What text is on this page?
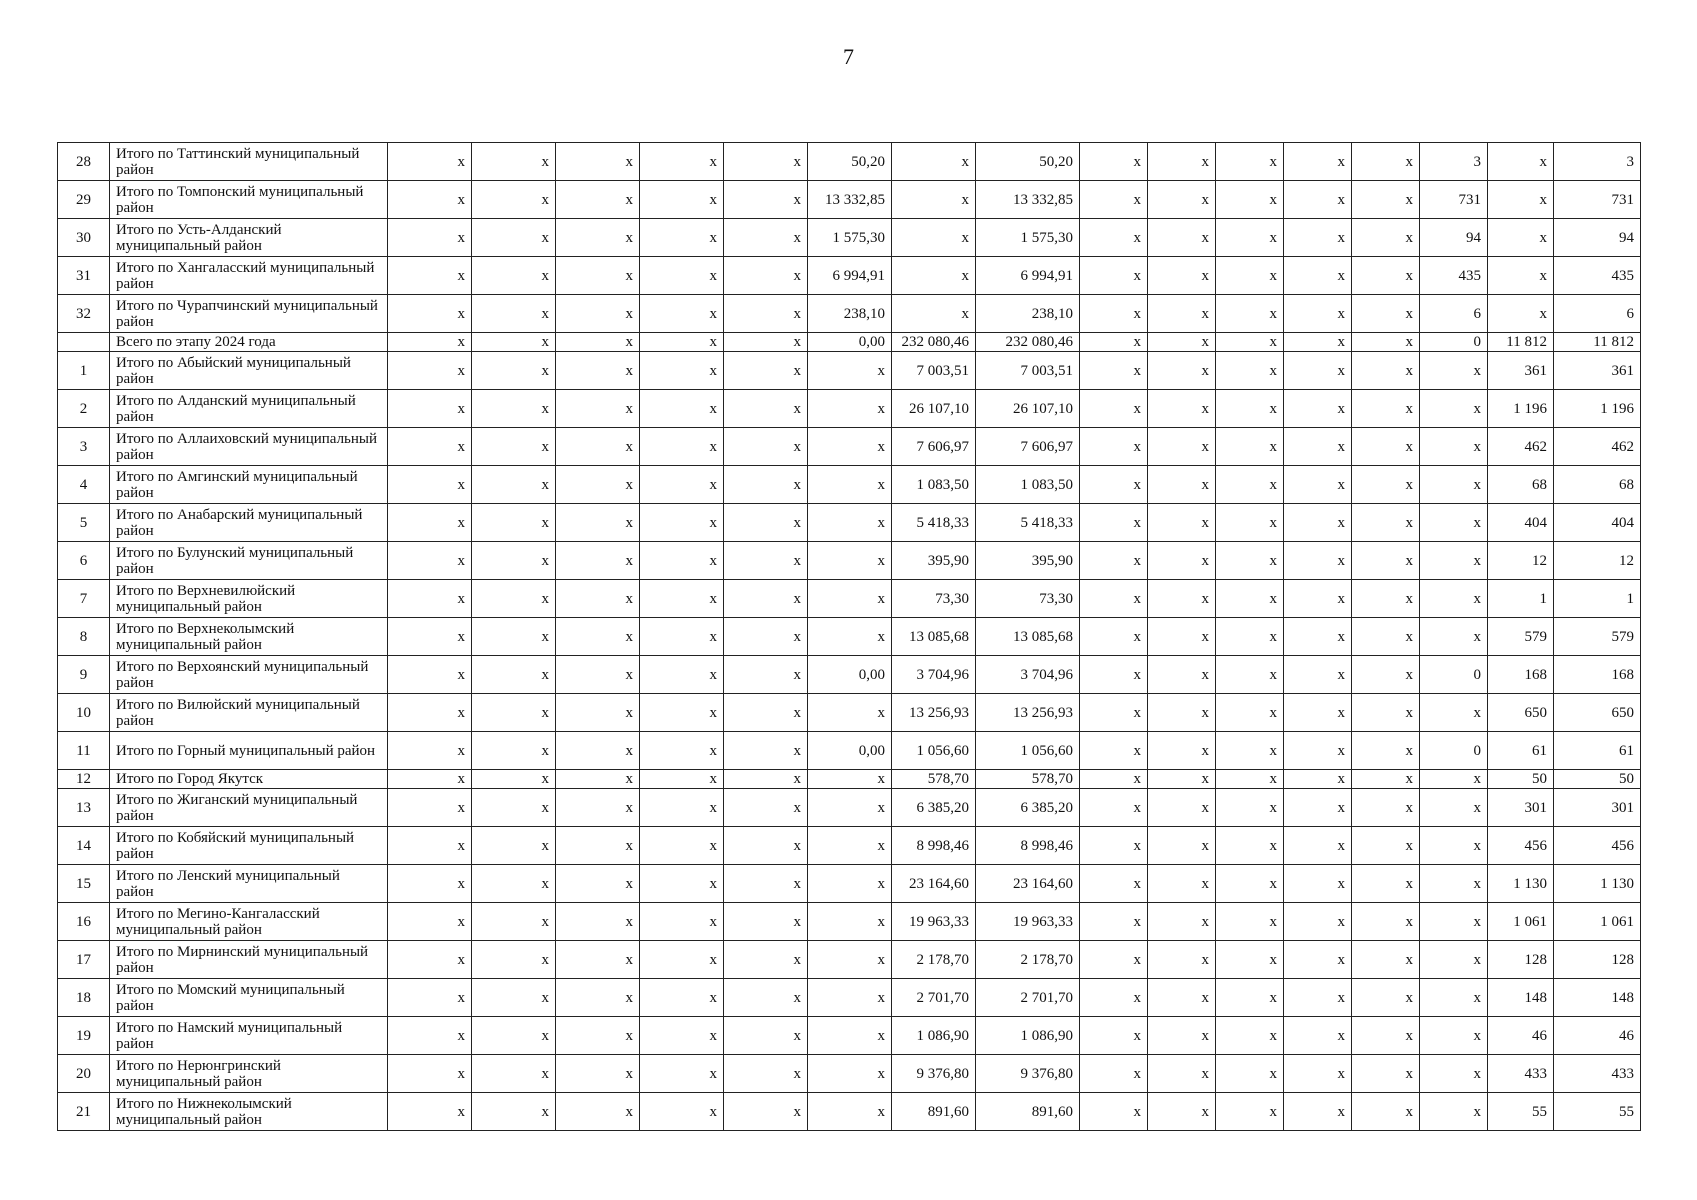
7
28	Итого по Таттинский муниципальный район	x	x	x	x	x	50,20	x	50,20	x	x	x	x	x	3	x	3
29	Итого по Томпонский муниципальный район	x	x	x	x	x	13 332,85	x	13 332,85	x	x	x	x	x	731	x	731
30	Итого по Усть-Алданский муниципальный район	x	x	x	x	x	1 575,30	x	1 575,30	x	x	x	x	x	94	x	94
31	Итого по Хангаласский муниципальный район	x	x	x	x	x	6 994,91	x	6 994,91	x	x	x	x	x	435	x	435
32	Итого по Чурапчинский муниципальный район	x	x	x	x	x	238,10	x	238,10	x	x	x	x	x	6	x	6
	Всего по этапу 2024 года	x	x	x	x	x	0,00	232 080,46	232 080,46	x	x	x	x	x	0	11 812	11 812
1	Итого по Абыйский муниципальный район	x	x	x	x	x	x	7 003,51	7 003,51	x	x	x	x	x	x	361	361
2	Итого по Алданский муниципальный район	x	x	x	x	x	x	26 107,10	26 107,10	x	x	x	x	x	x	1 196	1 196
3	Итого по Аллаиховский муниципальный район	x	x	x	x	x	x	7 606,97	7 606,97	x	x	x	x	x	x	462	462
4	Итого по Амгинский муниципальный район	x	x	x	x	x	x	1 083,50	1 083,50	x	x	x	x	x	x	68	68
5	Итого по Анабарский муниципальный район	x	x	x	x	x	x	5 418,33	5 418,33	x	x	x	x	x	x	404	404
6	Итого по Булунский муниципальный район	x	x	x	x	x	x	395,90	395,90	x	x	x	x	x	x	12	12
7	Итого по Верхневилюйский муниципальный район	x	x	x	x	x	x	73,30	73,30	x	x	x	x	x	x	1	1
8	Итого по Верхнеколымский муниципальный район	x	x	x	x	x	x	13 085,68	13 085,68	x	x	x	x	x	x	579	579
9	Итого по Верхоянский муниципальный район	x	x	x	x	x	0,00	3 704,96	3 704,96	x	x	x	x	x	0	168	168
10	Итого по Вилюйский муниципальный район	x	x	x	x	x	x	13 256,93	13 256,93	x	x	x	x	x	x	650	650
11	Итого по Горный муниципальный район	x	x	x	x	x	0,00	1 056,60	1 056,60	x	x	x	x	x	0	61	61
12	Итого по Город Якутск	x	x	x	x	x	x	578,70	578,70	x	x	x	x	x	x	50	50
13	Итого по Жиганский муниципальный район	x	x	x	x	x	x	6 385,20	6 385,20	x	x	x	x	x	x	301	301
14	Итого по Кобяйский муниципальный район	x	x	x	x	x	x	8 998,46	8 998,46	x	x	x	x	x	x	456	456
15	Итого по Ленский муниципальный район	x	x	x	x	x	x	23 164,60	23 164,60	x	x	x	x	x	x	1 130	1 130
16	Итого по Мегино-Кангаласский муниципальный район	x	x	x	x	x	x	19 963,33	19 963,33	x	x	x	x	x	x	1 061	1 061
17	Итого по Мирнинский муниципальный район	x	x	x	x	x	x	2 178,70	2 178,70	x	x	x	x	x	x	128	128
18	Итого по Момский муниципальный район	x	x	x	x	x	x	2 701,70	2 701,70	x	x	x	x	x	x	148	148
19	Итого по Намский муниципальный район	x	x	x	x	x	x	1 086,90	1 086,90	x	x	x	x	x	x	46	46
20	Итого по Нерюнгринский муниципальный район	x	x	x	x	x	x	9 376,80	9 376,80	x	x	x	x	x	x	433	433
21	Итого по Нижнеколымский муниципальный район	x	x	x	x	x	x	891,60	891,60	x	x	x	x	x	x	55	55
